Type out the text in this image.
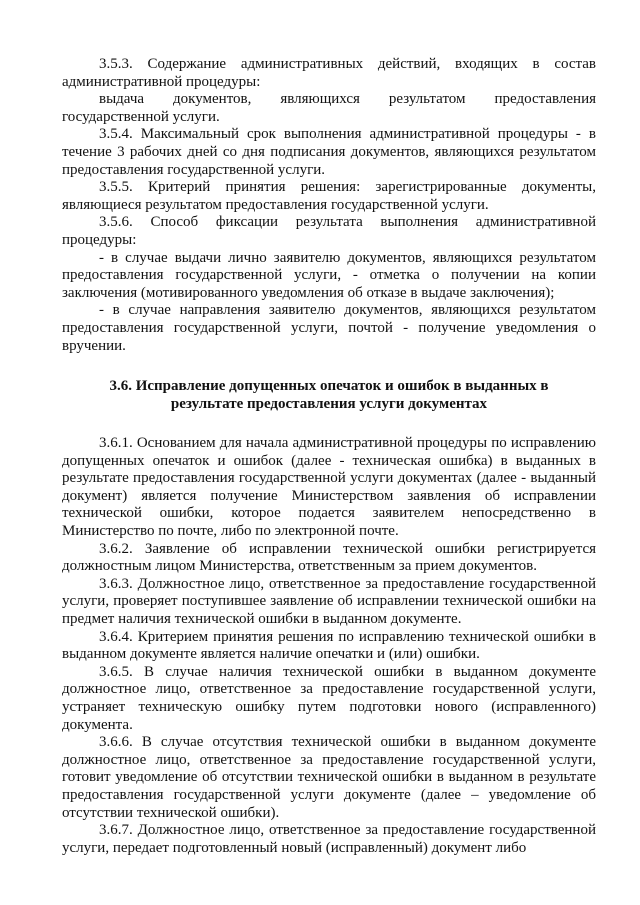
3.5.3. Содержание административных действий, входящих в состав административной процедуры:

выдача документов, являющихся результатом предоставления государственной услуги.

3.5.4. Максимальный срок выполнения административной процедуры - в течение 3 рабочих дней со дня подписания документов, являющихся результатом предоставления государственной услуги.

3.5.5. Критерий принятия решения: зарегистрированные документы, являющиеся результатом предоставления государственной услуги.

3.5.6. Способ фиксации результата выполнения административной процедуры:

- в случае выдачи лично заявителю документов, являющихся результатом предоставления государственной услуги, - отметка о получении на копии заключения (мотивированного уведомления об отказе в выдаче заключения);

- в случае направления заявителю документов, являющихся результатом предоставления государственной услуги, почтой - получение уведомления о вручении.

3.6. Исправление допущенных опечаток и ошибок в выданных в результате предоставления услуги документах

3.6.1. Основанием для начала административной процедуры по исправлению допущенных опечаток и ошибок (далее - техническая ошибка) в выданных в результате предоставления государственной услуги документах (далее - выданный документ) является получение Министерством заявления об исправлении технической ошибки, которое подается заявителем непосредственно в Министерство по почте, либо по электронной почте.

3.6.2. Заявление об исправлении технической ошибки регистрируется должностным лицом Министерства, ответственным за прием документов.

3.6.3. Должностное лицо, ответственное за предоставление государственной услуги, проверяет поступившее заявление об исправлении технической ошибки на предмет наличия технической ошибки в выданном документе.

3.6.4. Критерием принятия решения по исправлению технической ошибки в выданном документе является наличие опечатки и (или) ошибки.

3.6.5. В случае наличия технической ошибки в выданном документе должностное лицо, ответственное за предоставление государственной услуги, устраняет техническую ошибку путем подготовки нового (исправленного) документа.

3.6.6. В случае отсутствия технической ошибки в выданном документе должностное лицо, ответственное за предоставление государственной услуги, готовит уведомление об отсутствии технической ошибки в выданном в результате предоставления государственной услуги документе (далее – уведомление об отсутствии технической ошибки).

3.6.7. Должностное лицо, ответственное за предоставление государственной услуги, передает подготовленный новый (исправленный) документ либо
